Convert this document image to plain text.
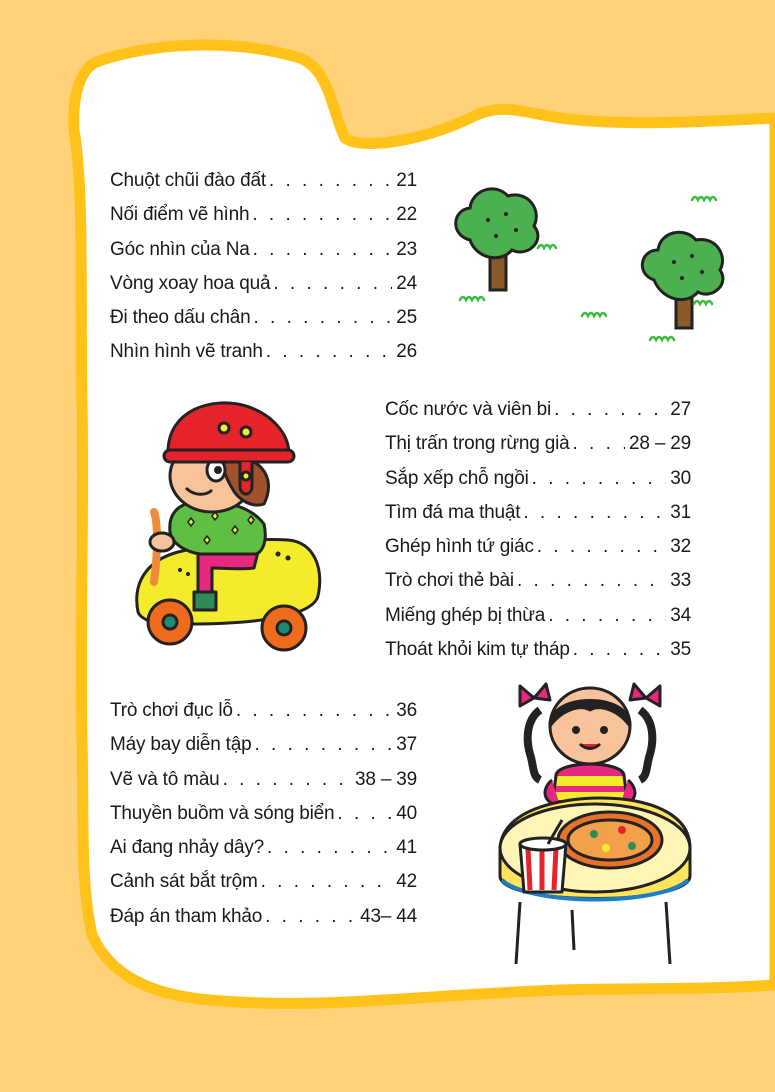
Chuột chũi đào đất . . .	21
Nối điểm vẽ hình . . .	22
Góc nhìn của Na . . .	23
Vòng xoay hoa quả . . .	24
Đi theo dấu chân . . .	25
Nhìn hình vẽ tranh . . .	26
Cốc nước và viên bi . . .	27
Thị trấn trong rừng già . . .	28 – 29
Sắp xếp chỗ ngồi . . .	30
Tìm đá ma thuật . . .	31
Ghép hình tứ giác . . .	32
Trò chơi thẻ bài . . .	33
Miếng ghép bị thừa . . .	34
Thoát khỏi kim tự tháp . . .	35
Trò chơi đục lỗ . . .	36
Máy bay diễn tập . . .	37
Vẽ và tô màu . . .	38 – 39
Thuyền buồm và sóng biển . . .	40
Ai đang nhảy dây? . . .	41
Cảnh sát bắt trộm . . .	42
Đáp án tham khảo . . .	43– 44
